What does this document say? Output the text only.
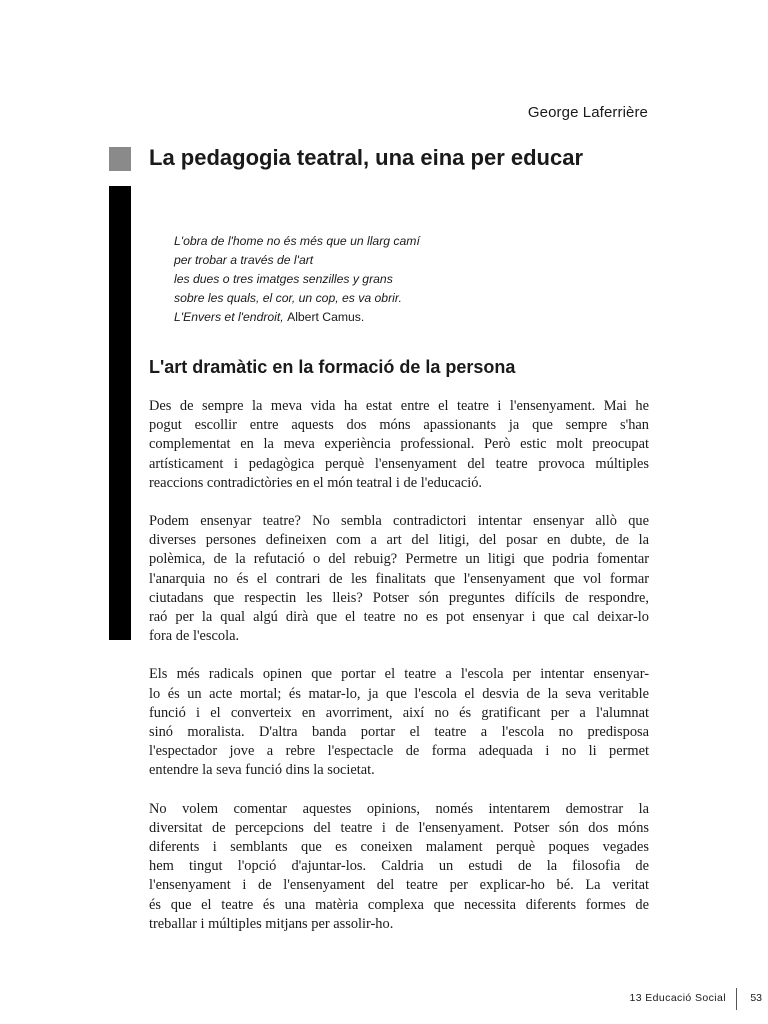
George Laferrière
La pedagogia teatral, una eina per educar
L'obra de l'home no és més que un llarg camí
per trobar a través de l'art
les dues o tres imatges senzilles y grans
sobre les quals, el cor, un cop, es va obrir.
L'Envers et l'endroit, Albert Camus.
L'art dramàtic en la formació de la persona

Des de sempre la meva vida ha estat entre el teatre i l'ensenyament. Mai he
pogut escollir entre aquests dos móns apassionants ja que sempre s'han
complementat en la meva experiència professional. Però estic molt preocupat
artísticament i pedagògica perquè l'ensenyament del teatre provoca múltiples
reaccions contradictòries en el món teatral i de l'educació.

Podem ensenyar teatre? No sembla contradictori intentar ensenyar allò que
diverses persones defineixen com a art del litigi, del posar en dubte, de la
polèmica, de la refutació o del rebuig? Permetre un litigi que podria fomentar
l'anarquia no és el contrari de les finalitats que l'ensenyament que vol formar
ciutadans que respectin les lleis? Potser són preguntes difícils de respondre,
raó per la qual algú dirà que el teatre no es pot ensenyar i que cal deixar-lo
fora de l'escola.

Els més radicals opinen que portar el teatre a l'escola per intentar ensenyar-
lo és un acte mortal; és matar-lo, ja que l'escola el desvia de la seva veritable
funció i el converteix en avorriment, així no és gratificant per a l'alumnat
sinó moralista. D'altra banda portar el teatre a l'escola no predisposa
l'espectador jove a rebre l'espectacle de forma adequada i no li permet
entendre la seva funció dins la societat.

No volem comentar aquestes opinions, només intentarem demostrar la
diversitat de percepcions del teatre i de l'ensenyament. Potser són dos móns
diferents i semblants que es coneixen malament perquè poques vegades
hem tingut l'opció d'ajuntar-los. Caldria un estudi de la filosofia de
l'ensenyament i de l'ensenyament del teatre per explicar-ho bé. La veritat
és que el teatre és una matèria complexa que necessita diferents formes de
treballar i múltiples mitjans per assolir-ho.

13 Educació Social 53
